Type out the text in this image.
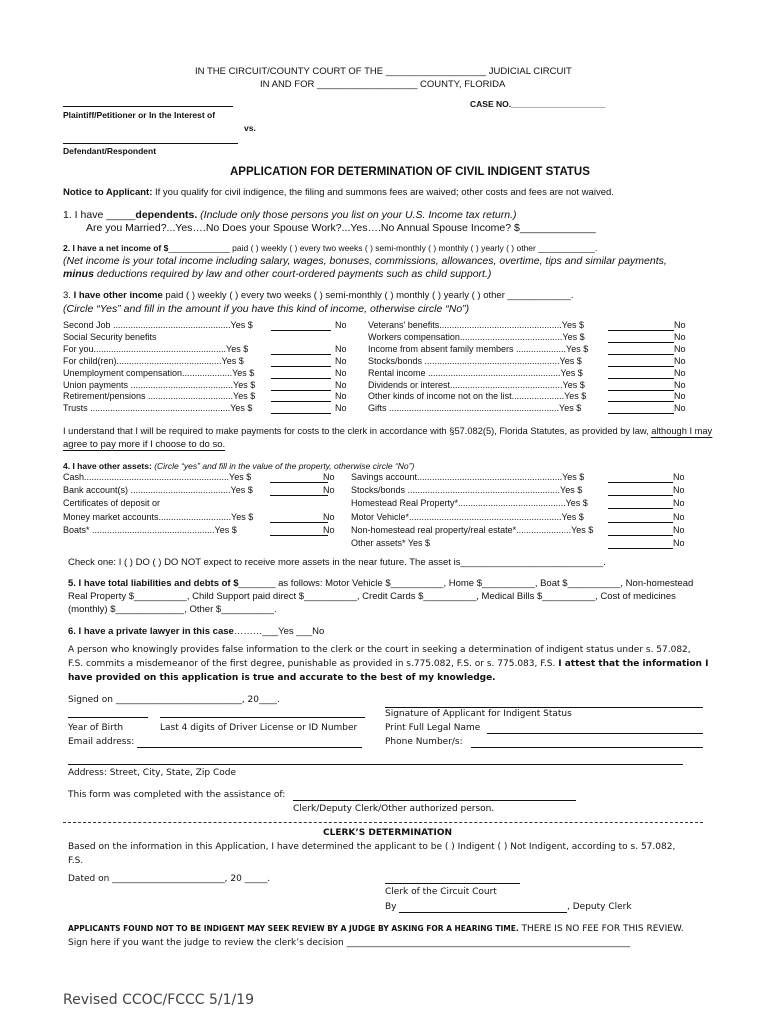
IN THE CIRCUIT/COUNTY COURT OF THE ___________________ JUDICIAL CIRCUIT
IN AND FOR ___________________ COUNTY, FLORIDA
CASE NO.____________________
Plaintiff/Petitioner or In the Interest of
vs.
Defendant/Respondent
APPLICATION FOR DETERMINATION OF CIVIL INDIGENT STATUS
Notice to Applicant: If you qualify for civil indigence, the filing and summons fees are waived; other costs and fees are not waived.
1. I have _____dependents. (Include only those persons you list on your U.S. Income tax return.)
Are you Married?...Yes….No Does your Spouse Work?...Yes….No Annual Spouse Income? $_____________
2. I have a net income of $_____________ paid ( ) weekly ( ) every two weeks ( ) semi-monthly ( ) monthly ( ) yearly ( ) other ____________.
(Net income is your total income including salary, wages, bonuses, commissions, allowances, overtime, tips and similar payments,
minus deductions required by law and other court-ordered payments such as child support.)
3. I have other income paid ( ) weekly ( ) every two weeks ( ) semi-monthly ( ) monthly ( ) yearly ( ) other ____________.
(Circle “Yes” and fill in the amount if you have this kind of income, otherwise circle “No”)
Second Job ...............................................Yes $	No
Social Security benefits
For you.....................................................Yes $	No
For child(ren)..........................................Yes $	No
Unemployment compensation....................Yes $	No
Union payments .........................................Yes $	No
Retirement/pensions ..................................Yes $	No
Trusts ........................................................Yes $	No
Veterans' benefits.................................................Yes $	No
Workers compensation.........................................Yes $	No
Income from absent family members ....................Yes $	No
Stocks/bonds ......................................................Yes $	No
Rental income .....................................................Yes $	No
Dividends or interest.............................................Yes $	No
Other kinds of income not on the list.....................Yes $	No
Gifts ....................................................................Yes $	No
I understand that I will be required to make payments for costs to the clerk in accordance with §57.082(5), Florida Statutes, as provided by law, although I may
agree to pay more if I choose to do so.
4. I have other assets: (Circle “yes” and fill in the value of the property, otherwise circle “No”)
Cash..........................................................Yes $	No
Bank account(s) ........................................Yes $	No
Certificates of deposit or
Money market accounts.............................Yes $	No
Boats* .................................................Yes $	No
Savings account..........................................................Yes $	No
Stocks/bonds .............................................................Yes $	No
Homestead Real Property*...........................................Yes $	No
Motor Vehicle*.............................................................Yes $	No
Non-homestead real property/real estate*......................Yes $	No
Other assets* Yes $	No
Check one: I ( ) DO ( ) DO NOT expect to receive more assets in the near future. The asset is___________________________.
5. I have total liabilities and debts of $_______ as follows: Motor Vehicle $__________, Home $__________, Boat $__________, Non-homestead
Real Property $__________, Child Support paid direct $__________, Credit Cards $__________, Medical Bills $__________, Cost of medicines
(monthly) $_____________, Other $__________.
6. I have a private lawyer in this case………___Yes ___No
A person who knowingly provides false information to the clerk or the court in seeking a determination of indigent status under s. 57.082,
F.S. commits a misdemeanor of the first degree, punishable as provided in s.775.082, F.S. or s. 775.083, F.S. I attest that the information I
have provided on this application is true and accurate to the best of my knowledge.
Signed on ____________________________, 20____.
Signature of Applicant for Indigent Status
Year of Birth	Last 4 digits of Driver License or ID Number	Print Full Legal Name
Email address:	Phone Number/s:
Address: Street, City, State, Zip Code
This form was completed with the assistance of:
Clerk/Deputy Clerk/Other authorized person.
CLERK’S DETERMINATION
Based on the information in this Application, I have determined the applicant to be ( ) Indigent ( ) Not Indigent, according to s. 57.082,
F.S.
Dated on _________________________, 20 _____.
Clerk of the Circuit Court
By	, Deputy Clerk
APPLICANTS FOUND NOT TO BE INDIGENT MAY SEEK REVIEW BY A JUDGE BY ASKING FOR A HEARING TIME. THERE IS NO FEE FOR THIS REVIEW.
Sign here if you want the judge to review the clerk’s decision _______________________________________________________________
Revised CCOC/FCCC 5/1/19
